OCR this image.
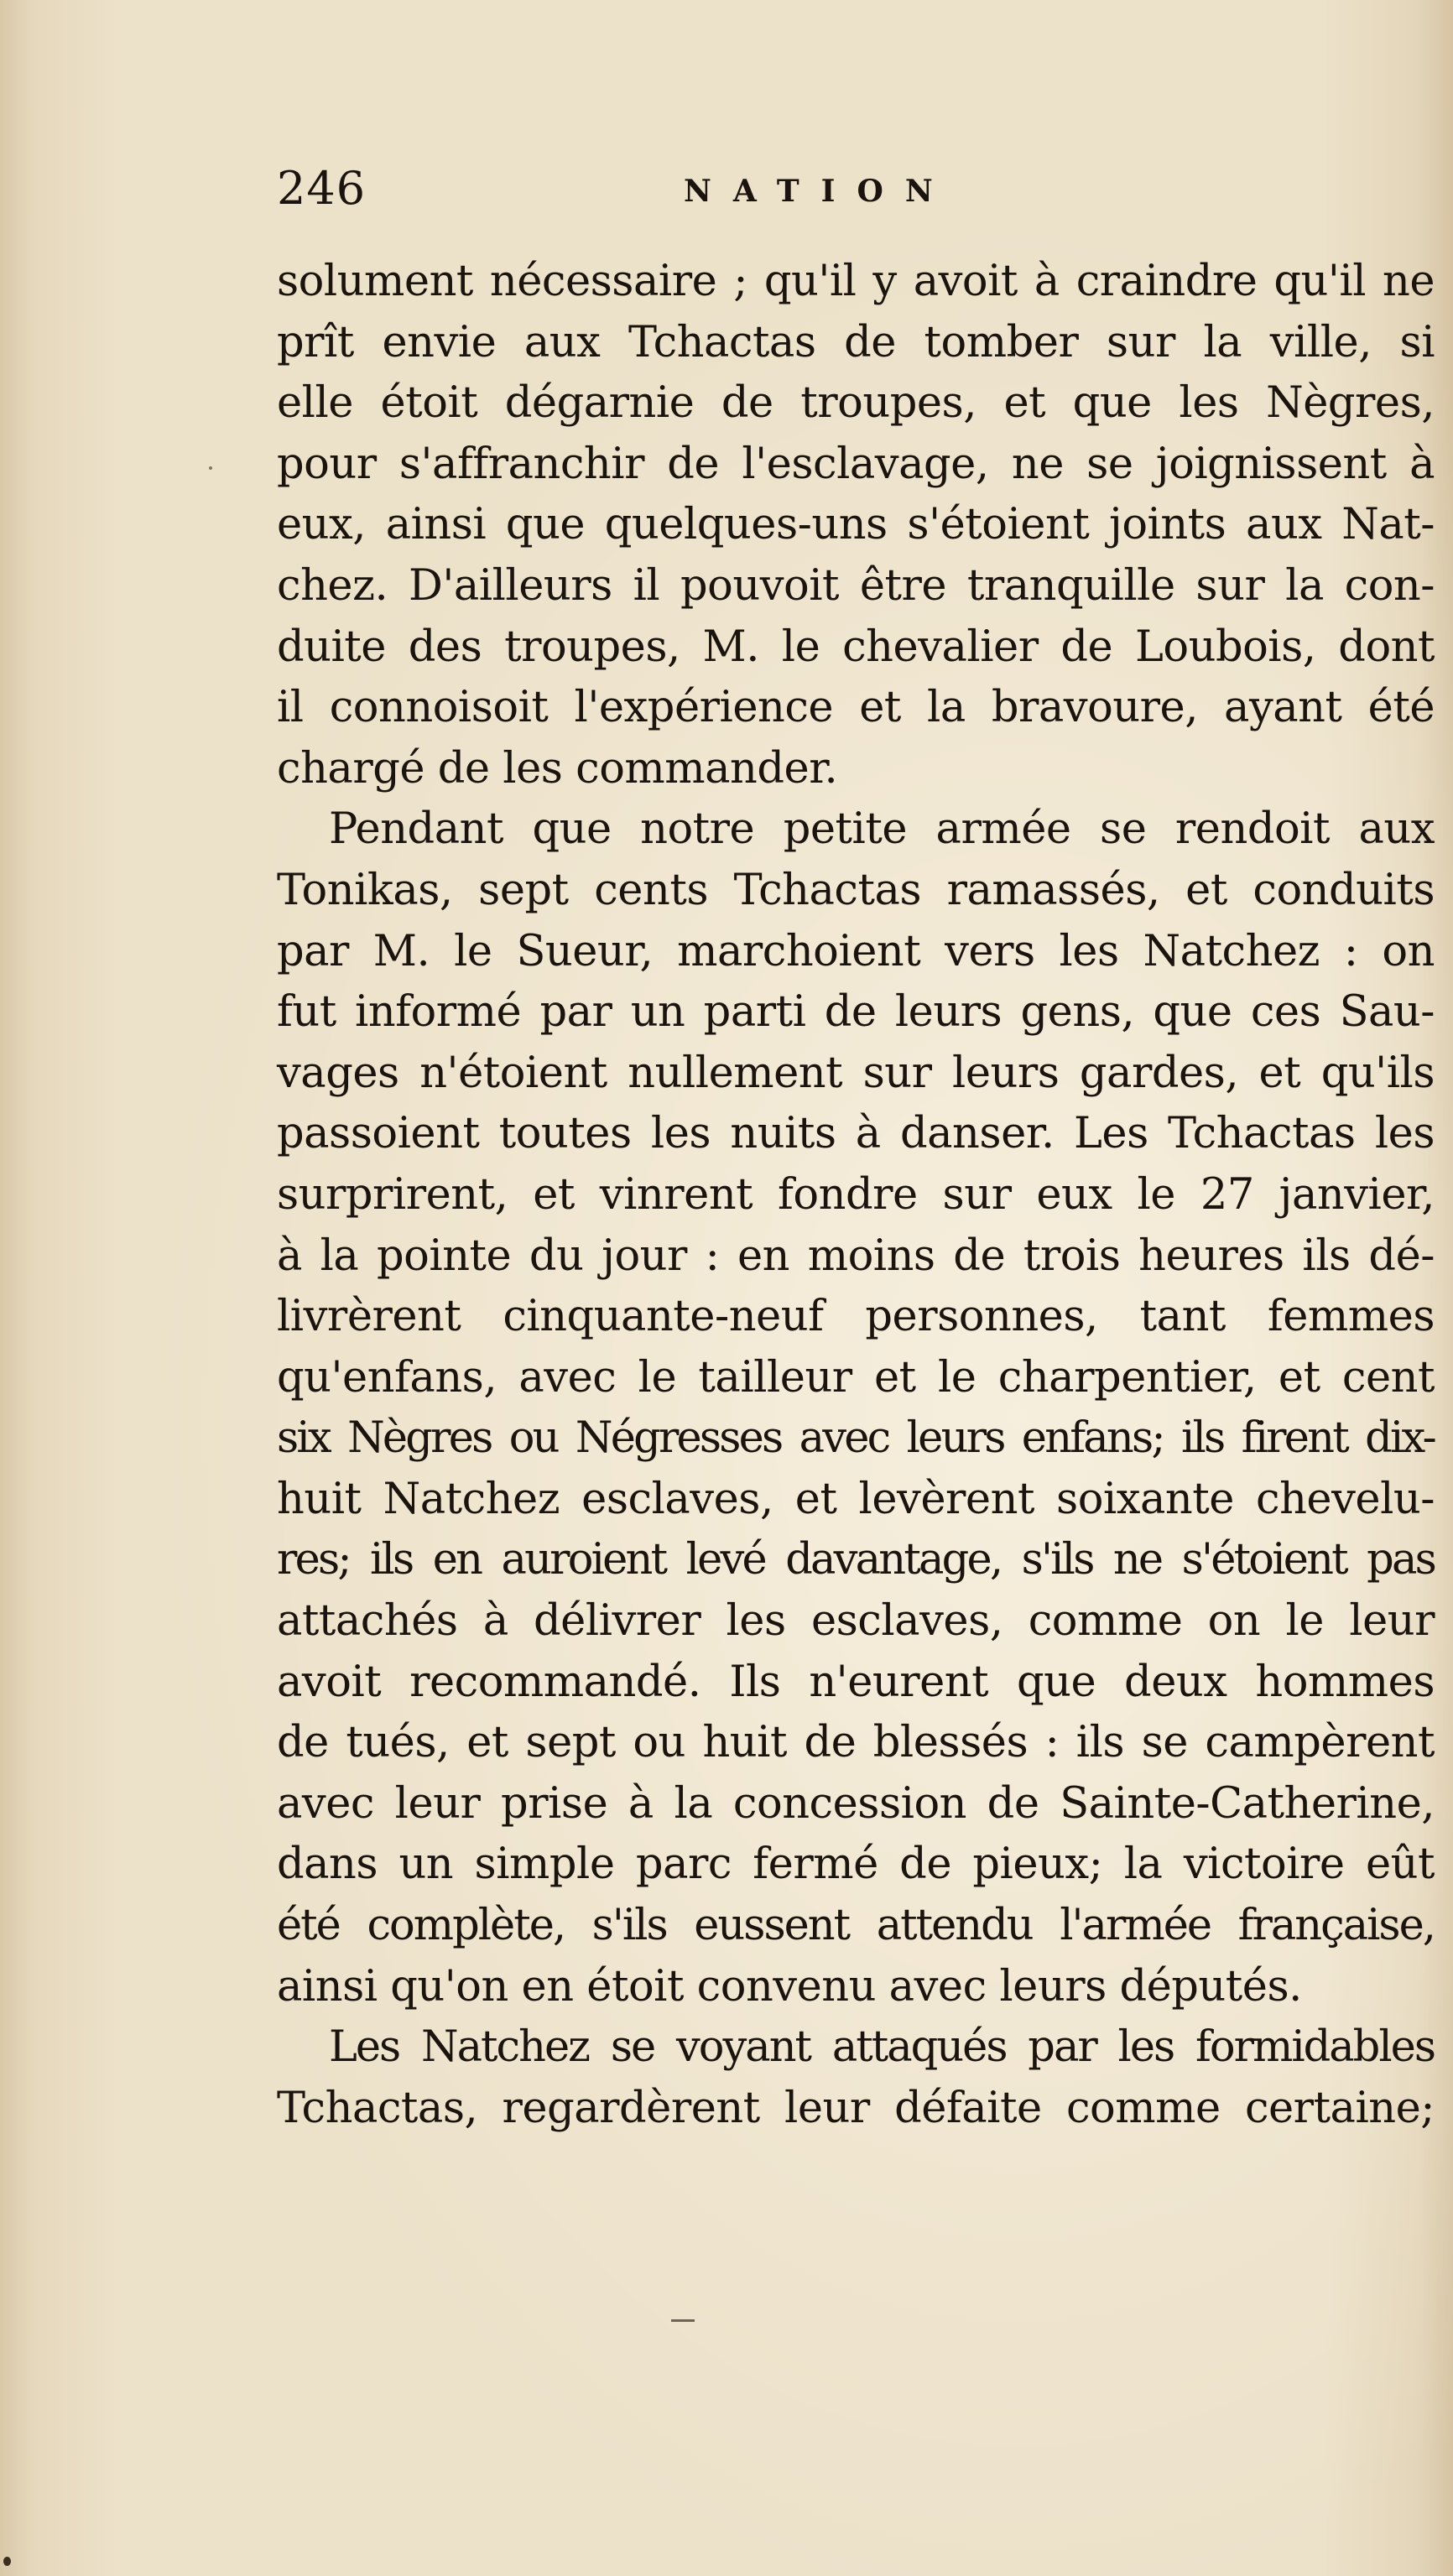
246	NATION
solument nécessaire ; qu'il y avoit à craindre qu'il ne
prît envie aux Tchactas de tomber sur la ville, si
elle étoit dégarnie de troupes, et que les Nègres,
pour s'affranchir de l'esclavage, ne se joignissent à
eux, ainsi que quelques-uns s'étoient joints aux Nat-
chez. D'ailleurs il pouvoit être tranquille sur la con-
duite des troupes, M. le chevalier de Loubois, dont
il connoisoit l'expérience et la bravoure, ayant été
chargé de les commander.
Pendant que notre petite armée se rendoit aux
Tonikas, sept cents Tchactas ramassés, et conduits
par M. le Sueur, marchoient vers les Natchez : on
fut informé par un parti de leurs gens, que ces Sau-
vages n'étoient nullement sur leurs gardes, et qu'ils
passoient toutes les nuits à danser. Les Tchactas les
surprirent, et vinrent fondre sur eux le 27 janvier,
à la pointe du jour : en moins de trois heures ils dé-
livrèrent cinquante-neuf personnes, tant femmes
qu'enfans, avec le tailleur et le charpentier, et cent
six Nègres ou Négresses avec leurs enfans; ils firent dix-
huit Natchez esclaves, et levèrent soixante chevelu-
res; ils en auroient levé davantage, s'ils ne s'étoient pas
attachés à délivrer les esclaves, comme on le leur
avoit recommandé. Ils n'eurent que deux hommes
de tués, et sept ou huit de blessés : ils se campèrent
avec leur prise à la concession de Sainte-Catherine,
dans un simple parc fermé de pieux; la victoire eût
été complète, s'ils eussent attendu l'armée française,
ainsi qu'on en étoit convenu avec leurs députés.
Les Natchez se voyant attaqués par les formidables
Tchactas, regardèrent leur défaite comme certaine;
